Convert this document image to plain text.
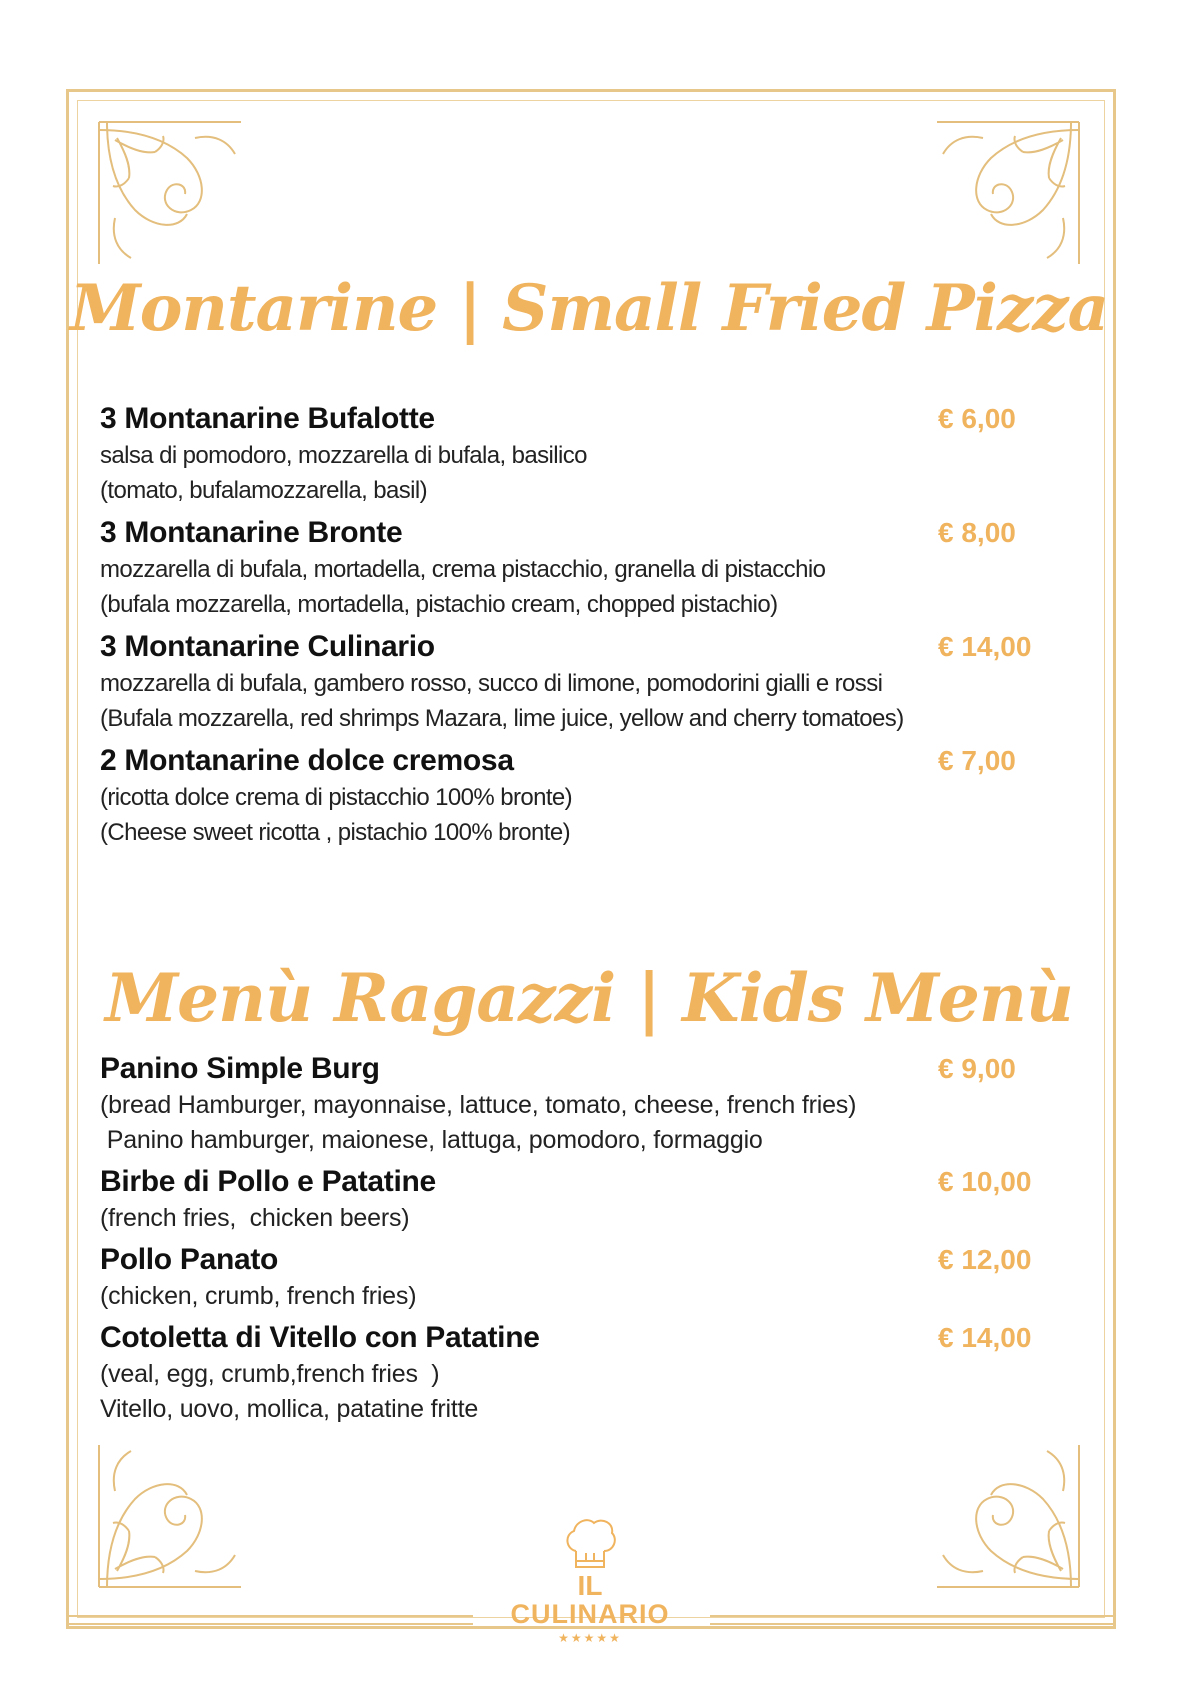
Montarine | Small Fried Pizza
3 Montanarine Bufalotte	€ 6,00
salsa di pomodoro, mozzarella di bufala, basilico
(tomato, bufalamozzarella, basil)
3 Montanarine Bronte	€ 8,00
mozzarella di bufala, mortadella, crema pistacchio, granella di pistacchio
(bufala mozzarella, mortadella, pistachio cream, chopped pistachio)
3 Montanarine Culinario	€ 14,00
mozzarella di bufala, gambero rosso, succo di limone, pomodorini gialli e rossi
(Bufala mozzarella, red shrimps Mazara, lime juice, yellow and cherry tomatoes)
2 Montanarine dolce cremosa	€ 7,00
(ricotta dolce crema di pistacchio 100% bronte)
(Cheese sweet ricotta , pistachio 100% bronte)
Menù Ragazzi | Kids Menù
Panino Simple Burg	€ 9,00
(bread Hamburger, mayonnaise, lattuce, tomato, cheese, french fries)
Panino hamburger, maionese, lattuga, pomodoro, formaggio
Birbe di Pollo e Patatine	€ 10,00
(french fries,  chicken beers)
Pollo Panato	€ 12,00
(chicken, crumb, french fries)
Cotoletta di Vitello con Patatine	€ 14,00
(veal, egg, crumb,french fries  )
Vitello, uovo, mollica, patatine fritte
IL
CULINARIO
★★★★★
